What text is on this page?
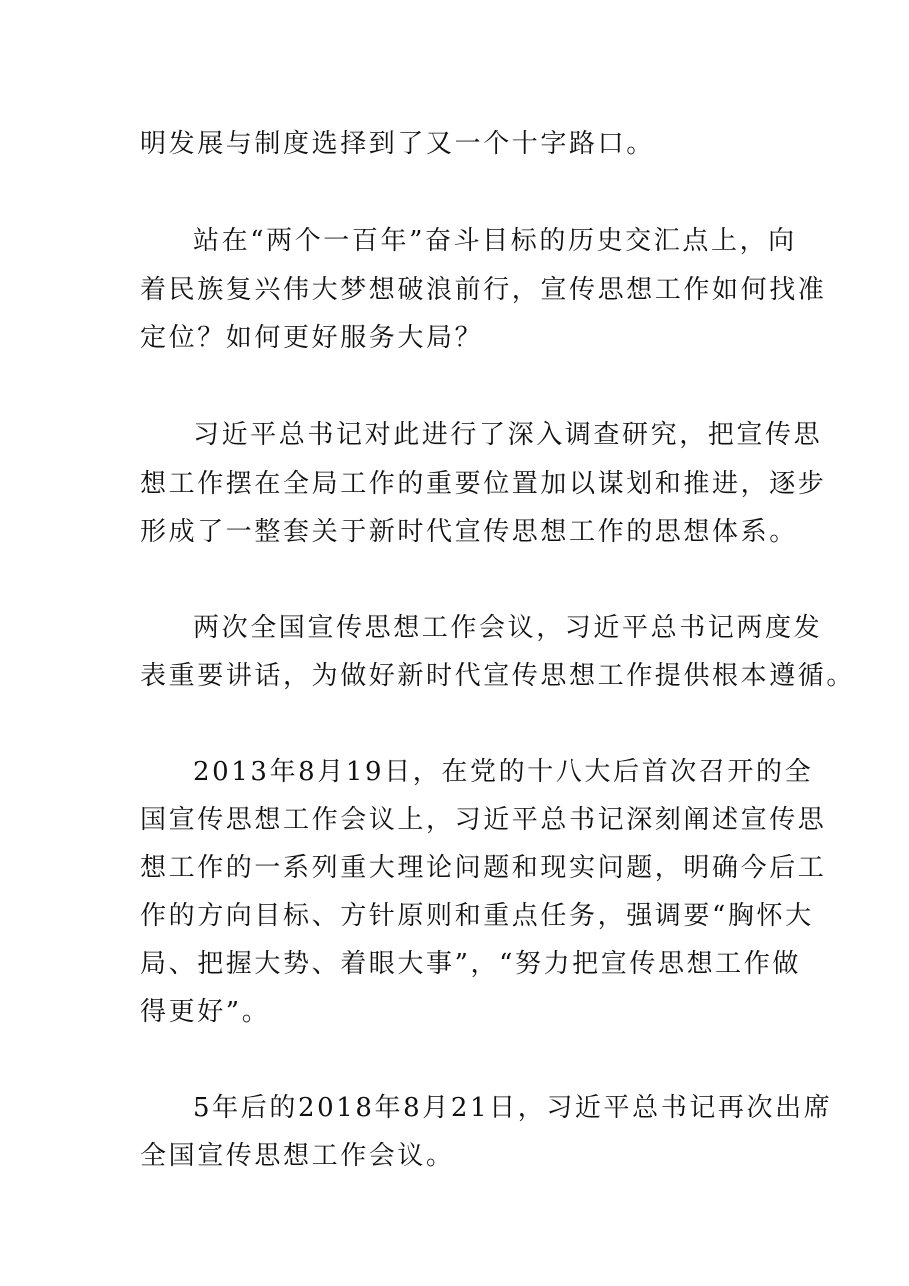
明发展与制度选择到了又一个十字路口。
站在“两个一百年”奋斗目标的历史交汇点上，向
着民族复兴伟大梦想破浪前行，宣传思想工作如何找准
定位？如何更好服务大局？
习近平总书记对此进行了深入调查研究，把宣传思
想工作摆在全局工作的重要位置加以谋划和推进，逐步
形成了一整套关于新时代宣传思想工作的思想体系。
两次全国宣传思想工作会议，习近平总书记两度发
表重要讲话，为做好新时代宣传思想工作提供根本遵循。
2013年8月19日，在党的十八大后首次召开的全
国宣传思想工作会议上，习近平总书记深刻阐述宣传思
想工作的一系列重大理论问题和现实问题，明确今后工
作的方向目标、方针原则和重点任务，强调要“胸怀大
局、把握大势、着眼大事”，“努力把宣传思想工作做
得更好”。
5年后的2018年8月21日，习近平总书记再次出席
全国宣传思想工作会议。
